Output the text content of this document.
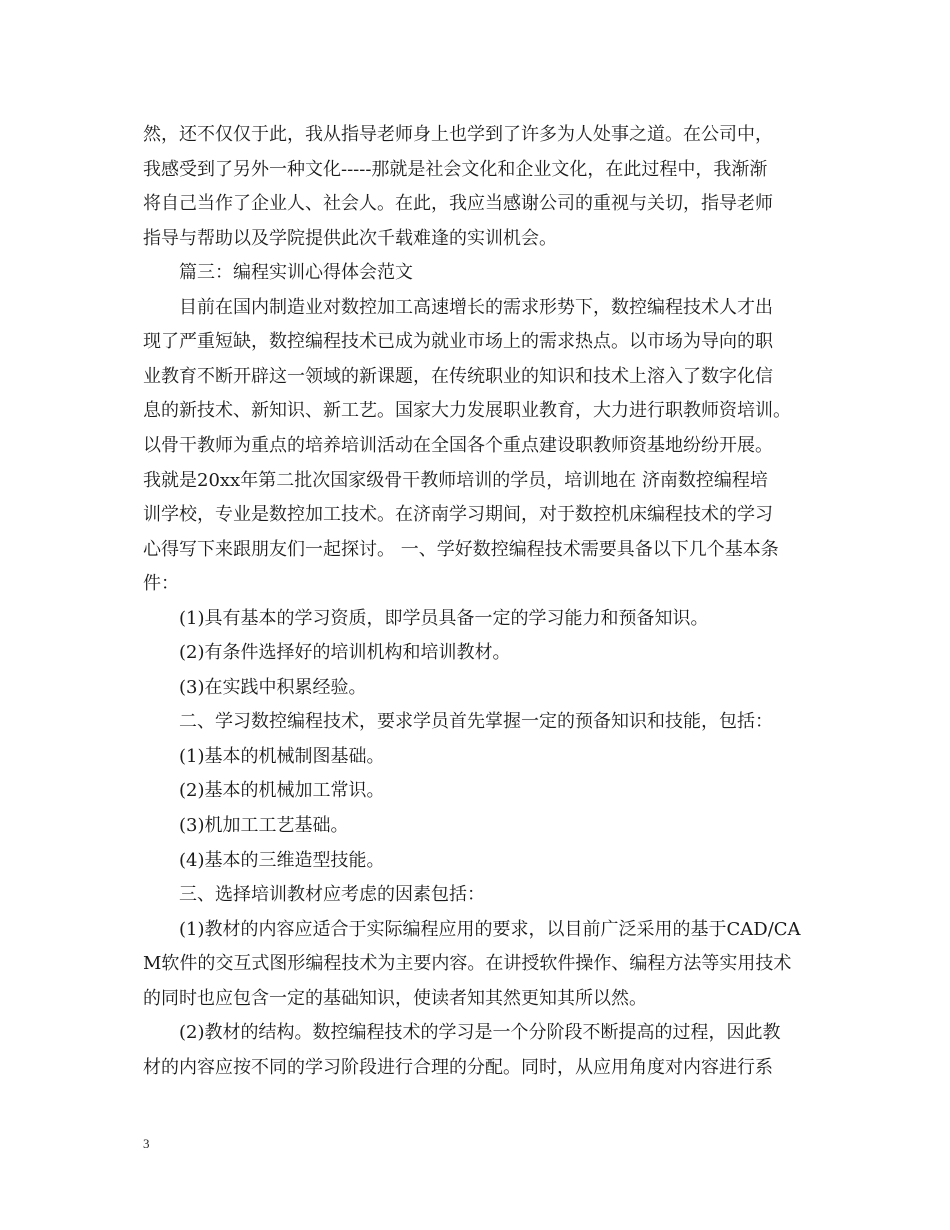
然，还不仅仅于此，我从指导老师身上也学到了许多为人处事之道。在公司中，
我感受到了另外一种文化-----那就是社会文化和企业文化，在此过程中，我渐渐
将自己当作了企业人、社会人。在此，我应当感谢公司的重视与关切，指导老师
指导与帮助以及学院提供此次千载难逢的实训机会。
篇三：编程实训心得体会范文
目前在国内制造业对数控加工高速增长的需求形势下，数控编程技术人才出
现了严重短缺，数控编程技术已成为就业市场上的需求热点。以市场为导向的职
业教育不断开辟这一领域的新课题，在传统职业的知识和技术上溶入了数字化信
息的新技术、新知识、新工艺。国家大力发展职业教育，大力进行职教师资培训。
以骨干教师为重点的培养培训活动在全国各个重点建设职教师资基地纷纷开展。
我就是20xx年第二批次国家级骨干教师培训的学员，培训地在 济南数控编程培
训学校，专业是数控加工技术。在济南学习期间，对于数控机床编程技术的学习
心得写下来跟朋友们一起探讨。 一、学好数控编程技术需要具备以下几个基本条
件：
(1)具有基本的学习资质，即学员具备一定的学习能力和预备知识。
(2)有条件选择好的培训机构和培训教材。
(3)在实践中积累经验。
二、学习数控编程技术，要求学员首先掌握一定的预备知识和技能，包括：
(1)基本的机械制图基础。
(2)基本的机械加工常识。
(3)机加工工艺基础。
(4)基本的三维造型技能。
三、选择培训教材应考虑的因素包括：
(1)教材的内容应适合于实际编程应用的要求，以目前广泛采用的基于CAD/CA
M软件的交互式图形编程技术为主要内容。在讲授软件操作、编程方法等实用技术
的同时也应包含一定的基础知识，使读者知其然更知其所以然。
(2)教材的结构。数控编程技术的学习是一个分阶段不断提高的过程，因此教
材的内容应按不同的学习阶段进行合理的分配。同时，从应用角度对内容进行系
3
